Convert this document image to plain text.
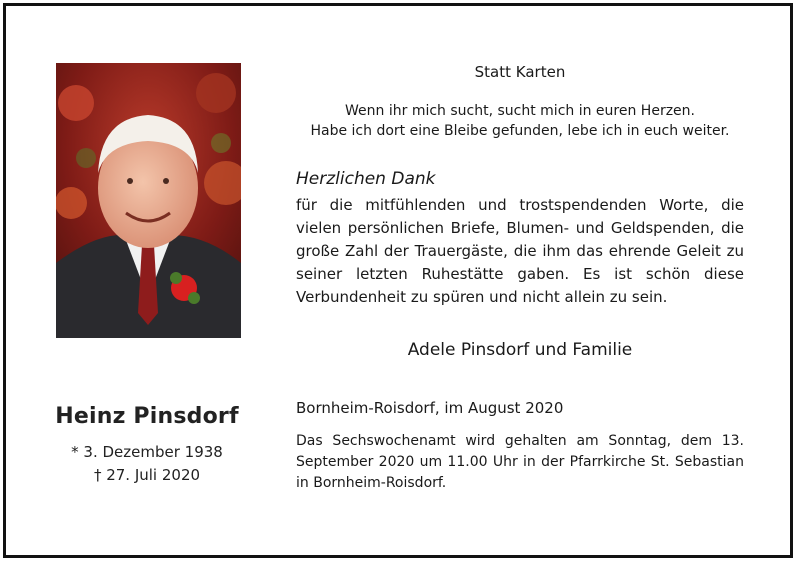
Heinz Pinsdorf
* 3. Dezember 1938
† 27. Juli 2020
Statt Karten
Wenn ihr mich sucht, sucht mich in euren Herzen.
Habe ich dort eine Bleibe gefunden, lebe ich in euch weiter.
Herzlichen Dank
für die mitfühlenden und trostspendenden Worte, die vielen persönlichen Briefe, Blumen- und Geldspenden, die große Zahl der Trauergäste, die ihm das ehrende Geleit zu seiner letzten Ruhestätte gaben. Es ist schön diese Verbundenheit zu spüren und nicht allein zu sein.
Adele Pinsdorf und Familie
Bornheim-Roisdorf, im August 2020
Das Sechswochenamt wird gehalten am Sonntag, dem 13. September 2020 um 11.00 Uhr in der Pfarrkirche St. Sebastian in Bornheim-Roisdorf.
